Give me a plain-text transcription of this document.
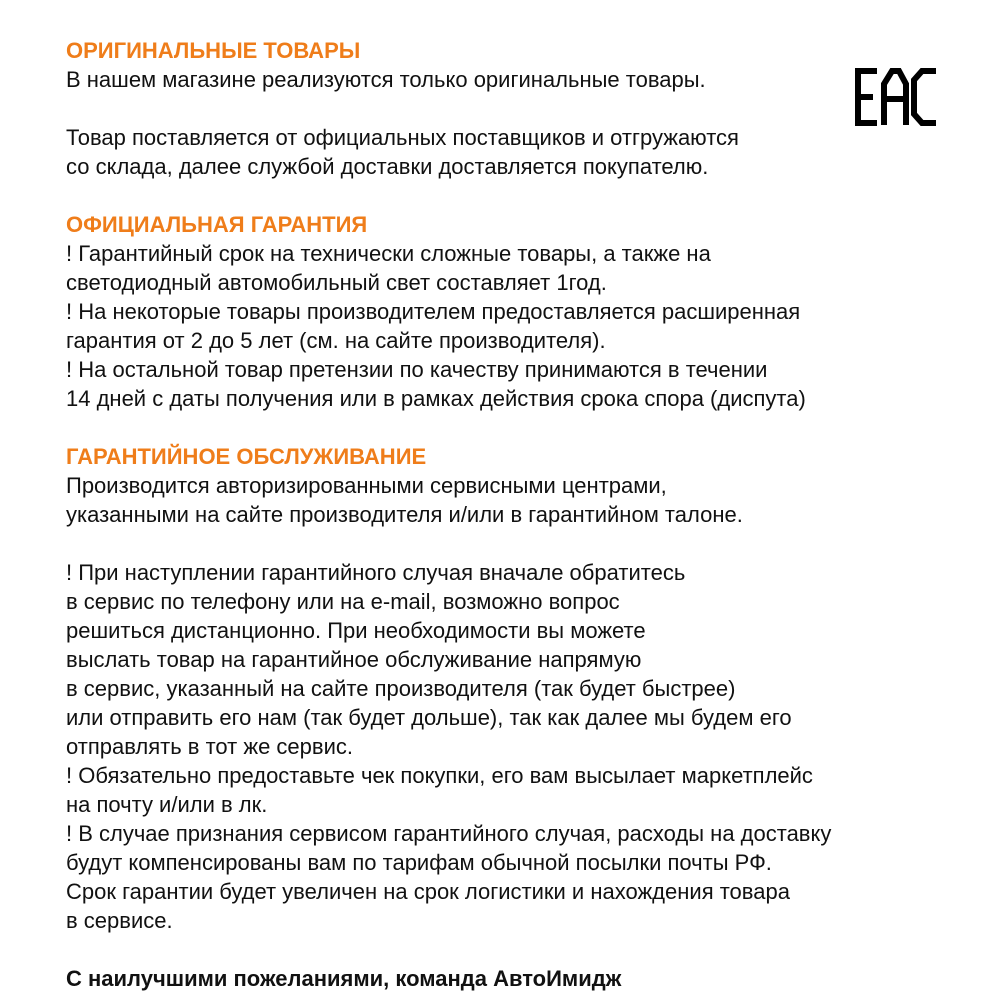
ОРИГИНАЛЬНЫЕ ТОВАРЫ
В нашем магазине реализуются только оригинальные товары.
Товар поставляется от официальных поставщиков и отгружаются
со склада, далее службой доставки доставляется покупателю.
ОФИЦИАЛЬНАЯ ГАРАНТИЯ
! Гарантийный срок на технически сложные товары, а также на
светодиодный автомобильный свет составляет 1год.
! На некоторые товары производителем предоставляется расширенная
гарантия от 2 до 5 лет (см. на сайте производителя).
! На остальной товар претензии по качеству принимаются в течении
14 дней с даты получения или в рамках действия срока спора (диспута)
ГАРАНТИЙНОЕ ОБСЛУЖИВАНИЕ
Производится авторизированными сервисными центрами,
указанными на сайте производителя и/или в гарантийном талоне.
! При наступлении гарантийного случая вначале обратитесь
в сервис по телефону или на e-mail, возможно вопрос
решиться дистанционно. При необходимости вы можете
выслать товар на гарантийное обслуживание напрямую
в сервис, указанный на сайте производителя (так будет быстрее)
или отправить его нам (так будет дольше), так как далее мы будем его
отправлять в тот же сервис.
! Обязательно предоставьте чек покупки, его вам высылает маркетплейс
на почту и/или в лк.
! В случае признания сервисом гарантийного случая, расходы на доставку
будут компенсированы вам по тарифам обычной посылки почты РФ.
Срок гарантии будет увеличен на срок логистики и нахождения товара
в сервисе.
С наилучшими пожеланиями, команда АвтоИмидж
